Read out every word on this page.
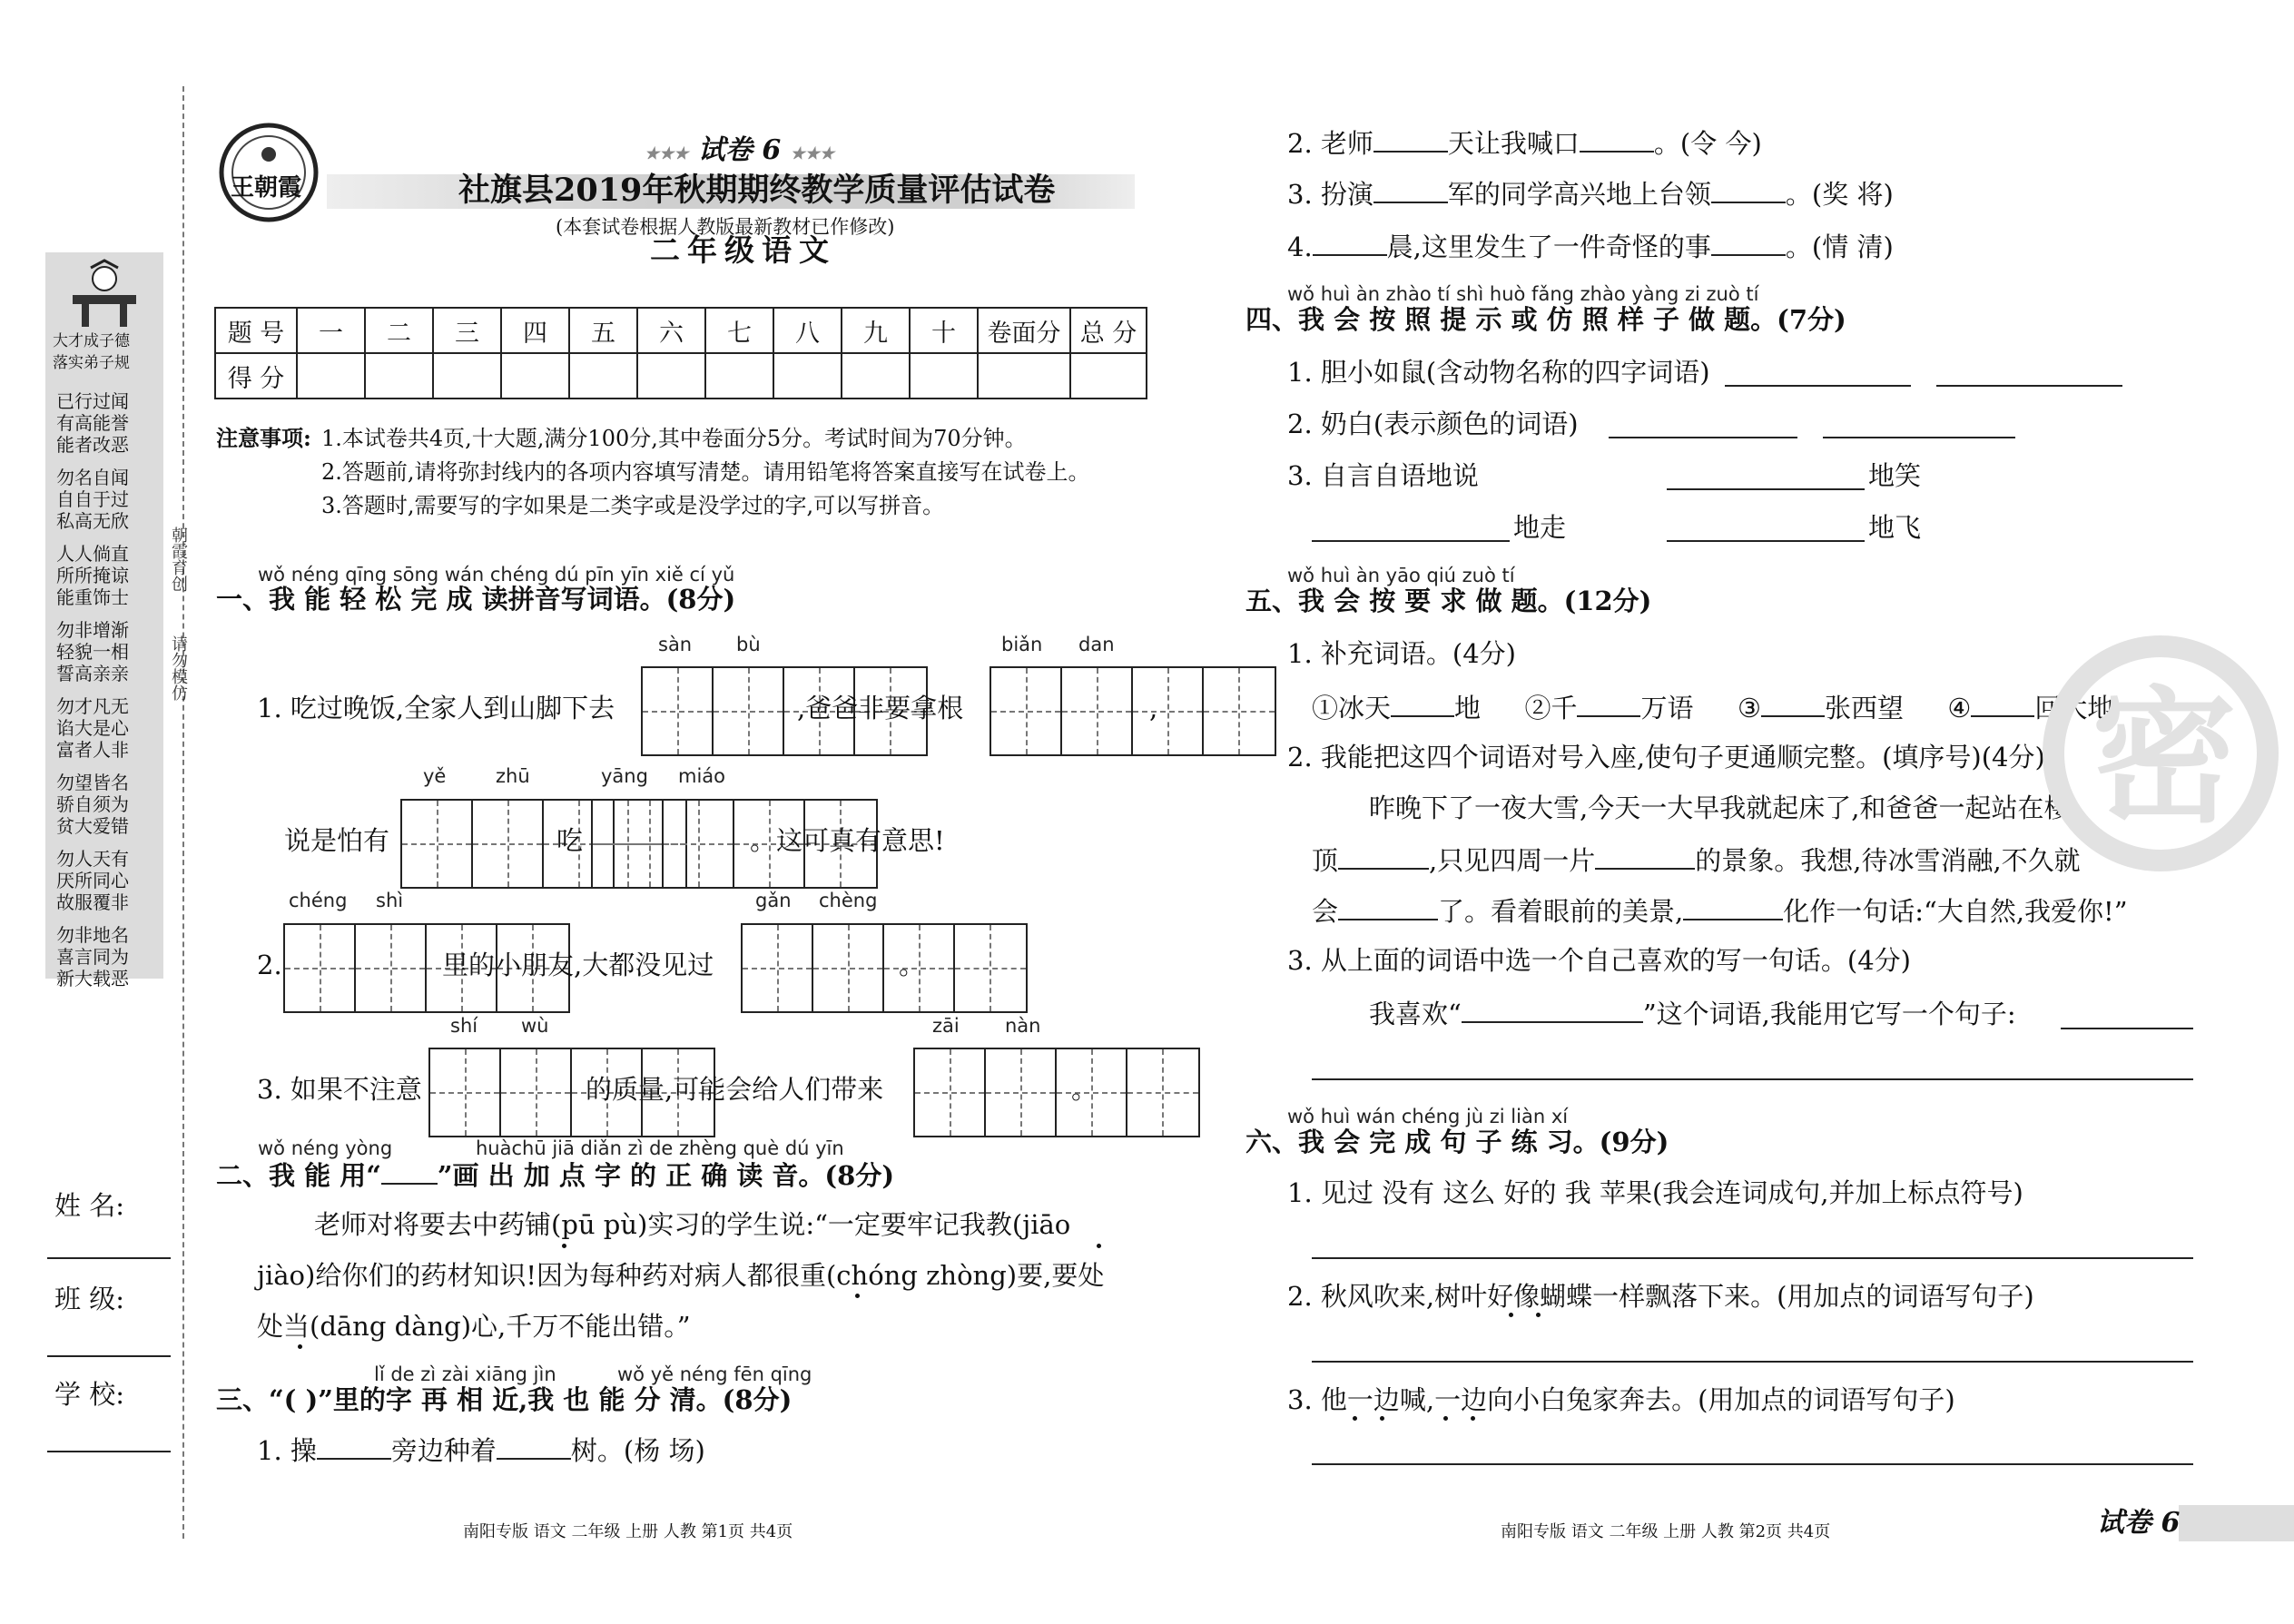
大才成子德
落实弟子规
已行过闻
有高能誉
能者改恶
勿名自闻
自自于过
私高无欣
人人倘直
所所掩谅
能重饰士
勿非增渐
轻貌一相
誓高亲亲
勿才凡无
谄大是心
富者人非
勿望皆名
骄自须为
贫大爱错
勿人天有
厌所同心
故服覆非
勿非地名
喜言同为
新大载恶
朝霞育创
请勿模仿
姓 名:
班 级:
学 校:
王朝霞
★★★ 试卷 6 ★★★
社旗县2019年秋期期终教学质量评估试卷
(本套试卷根据人教版最新教材已作修改)
二年级语文
题 号	一	二	三	四	五	六	七	八	九	十	卷面分	总 分
得 分												
注意事项: 1.本试卷共4页,十大题,满分100分,其中卷面分5分。考试时间为70分钟。
2.答题前,请将弥封线内的各项内容填写清楚。请用铅笔将答案直接写在试卷上。
3.答题时,需要写的字如果是二类字或是没学过的字,可以写拼音。
wǒ néng qīng sōng wán chéng dú pīn yīn xiě cí yǔ
一、我 能 轻 松 完 成 读拼音写词语。(8分)
sàn bù	biǎn dan
1. 吃过晚饭,全家人到山脚下去	,爸爸非要拿根	,
yě	zhū	yāng miáo
说是怕有	吃	。这可真有意思!
chéng shì	gǎn chèng
2.	里的小朋友,大都没见过	。
shí wù	zāi nàn
3. 如果不注意	的质量,可能会给人们带来	。
wǒ néng yòng	huàchū jiā diǎn zì de zhèng què dú yīn
二、我 能 用“ ”画 出 加 点 字 的 正 确 读 音。(8分)
老师对将要去中药铺(pū pù)实习的学生说:“一定要牢记我教(jiāo
jiào)给你们的药材知识!因为每种药对病人都很重(chóng zhòng)要,要处
处当(dāng dàng)心,千万不能出错。”
lǐ de zì zài xiāng jìn	wǒ yě néng fēn qīng
三、“( )”里的字 再 相 近,我 也 能 分 清。(8分)
1. 操	旁边种着	树。(杨 场)
2. 老师	天让我喊口	。(令 今)
3. 扮演	军的同学高兴地上台领	。(奖 将)
4.	晨,这里发生了一件奇怪的事	。(情 清)
wǒ huì àn zhào tí shì huò fǎng zhào yàng zi zuò tí
四、我 会 按 照 提 示 或 仿 照 样 子 做 题。(7分)
1. 胆小如鼠(含动物名称的四字词语)
2. 奶白(表示颜色的词语)
3. 自言自语地说	地笑
地走	地飞
wǒ huì àn yāo qiú zuò tí
五、我 会 按 要 求 做 题。(12分)
1. 补充词语。(4分)
①冰天 地 ②千 万语 ③ 张西望 ④ 回大地
2. 我能把这四个词语对号入座,使句子更通顺完整。(填序号)(4分)
昨晚下了一夜大雪,今天一大早我就起床了,和爸爸一起站在楼
顶	,只见四周一片	的景象。我想,待冰雪消融,不久就
会	了。看着眼前的美景,	化作一句话:“大自然,我爱你!”
3. 从上面的词语中选一个自己喜欢的写一句话。(4分)
我喜欢“	”这个词语,我能用它写一个句子:
wǒ huì wán chéng jù zi liàn xí
六、我 会 完 成 句 子 练 习。(9分)
1. 见过 没有 这么 好的 我 苹果(我会连词成句,并加上标点符号)
2. 秋风吹来,树叶好像蝴蝶一样飘落下来。(用加点的词语写句子)
3. 他一边喊,一边向小白兔家奔去。(用加点的词语写句子)
密
南阳专版 语文 二年级 上册 人教 第1页 共4页	南阳专版 语文 二年级 上册 人教 第2页 共4页	试卷 6
